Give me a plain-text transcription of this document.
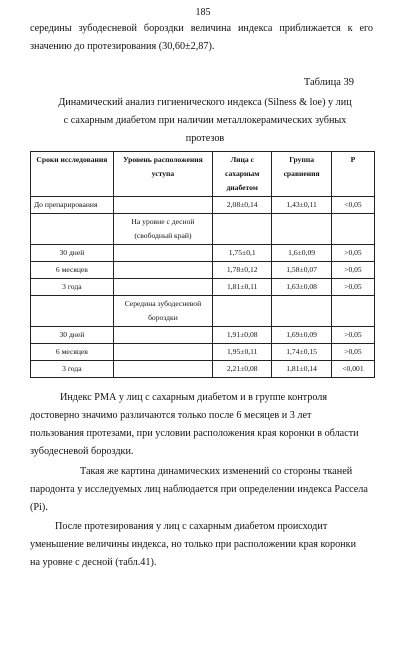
185
середины зубодесневой бороздки величина индекса приближается к его
значению до протезирования (30,60±2,87).
Таблица 39
Динамический анализ гигиенического индекса (Silness & loe) у лиц
с сахарным диабетом при наличии металлокерамических зубных
протезов
Сроки исследования	Уровень расположения уступа	Лица с сахарным диабетом	Группа сравнения	P
До препарирования		2,08±0,14	1,43±0,11	<0,05
	На уровне с десной (свободный край)			
30 дней		1,75±0,1	1,6±0,09	>0,05
6 месяцев		1,78±0,12	1,58±0,07	>0,05
3 года		1,81±0,11	1,63±0,08	>0,05
	Середина зубодесневой бороздки			
30 дней		1,91±0,08	1,69±0,09	>0,05
6 месяцев		1,95±0,11	1,74±0,15	>0,05
3 года		2,21±0,08	1,81±0,14	<0,001
Индекс РМА у лиц с сахарным диабетом и в группе контроля
достоверно значимо различаются только после 6 месяцев и 3 лет
пользования протезами, при условии расположения края коронки в области
зубодесневой бороздки.
Такая же картина динамических изменений со стороны тканей
пародонта у исследуемых лиц наблюдается при определении индекса Рассела
(Pi).
После протезирования у лиц с сахарным диабетом происходит
уменьшение величины индекса, но только при расположении края коронки
на уровне с десной (табл.41).
